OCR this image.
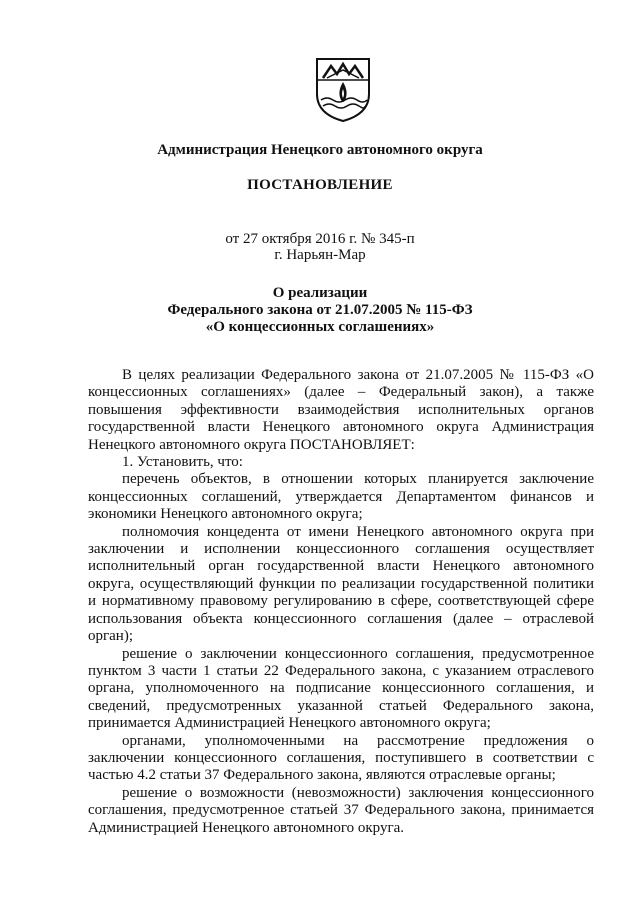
Администрация Ненецкого автономного округа
ПОСТАНОВЛЕНИЕ
от 27 октября 2016 г. № 345-п
г. Нарьян-Мар
О реализации
Федерального закона от 21.07.2005 № 115-ФЗ
«О концессионных соглашениях»

В целях реализации Федерального закона от 21.07.2005 № 115-ФЗ «О концессионных соглашениях» (далее – Федеральный закон), а также повышения эффективности взаимодействия исполнительных органов государственной власти Ненецкого автономного округа Администрация Ненецкого автономного округа ПОСТАНОВЛЯЕТ:

1. Установить, что:

перечень объектов, в отношении которых планируется заключение концессионных соглашений, утверждается Департаментом финансов и экономики Ненецкого автономного округа;

полномочия концедента от имени Ненецкого автономного округа при заключении и исполнении концессионного соглашения осуществляет исполнительный орган государственной власти Ненецкого автономного округа, осуществляющий функции по реализации государственной политики и нормативному правовому регулированию в сфере, соответствующей сфере использования объекта концессионного соглашения (далее – отраслевой орган);

решение о заключении концессионного соглашения, предусмотренное пунктом 3 части 1 статьи 22 Федерального закона, с указанием отраслевого органа, уполномоченного на подписание концессионного соглашения, и сведений, предусмотренных указанной статьей Федерального закона, принимается Администрацией Ненецкого автономного округа;

органами, уполномоченными на рассмотрение предложения о заключении концессионного соглашения, поступившего в соответствии с частью 4.2 статьи 37 Федерального закона, являются отраслевые органы;

решение о возможности (невозможности) заключения концессионного соглашения, предусмотренное статьей 37 Федерального закона, принимается Администрацией Ненецкого автономного округа.
